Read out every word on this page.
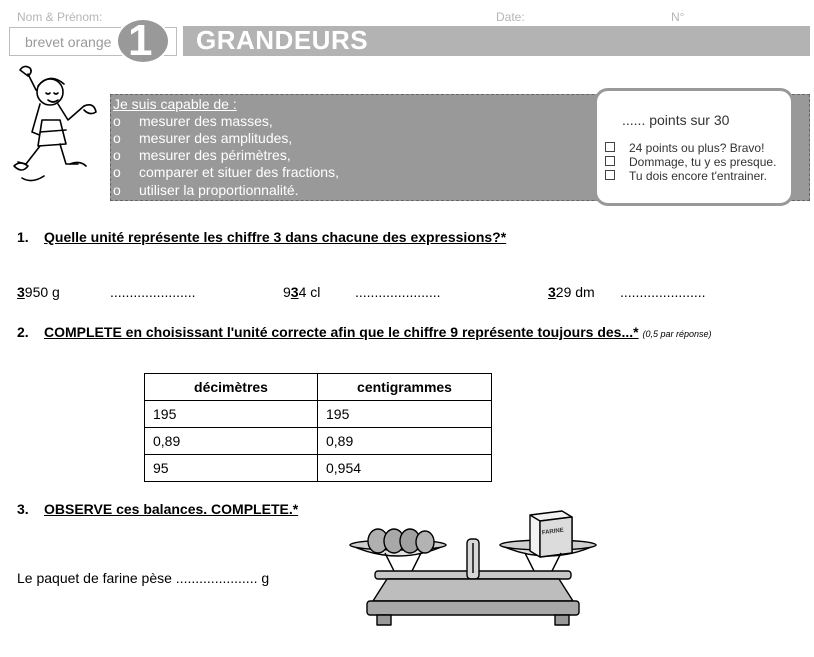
Nom & Prénom:	Date:	N°
brevet orange 1 GRANDEURS
Je suis capable de :
o mesurer des masses,
o mesurer des amplitudes,
o mesurer des périmètres,
o comparer et situer des fractions,
o utiliser la proportionnalité.
...... points sur 30
24 points ou plus? Bravo!
Dommage, tu y es presque.
Tu dois encore t'entrainer.
1. Quelle unité représente les chiffre 3 dans chacune des expressions?*
3950 g	......................	934 cl ......................	329 dm ......................
2. COMPLETE en choisissant l'unité correcte afin que le chiffre 9 représente toujours des...* (0,5 par réponse)
décimètres	centigrammes
195	195
0,89	0,89
95	0,954
3. OBSERVE ces balances. COMPLETE.*
Le paquet de farine pèse ..................... g
FARINE
